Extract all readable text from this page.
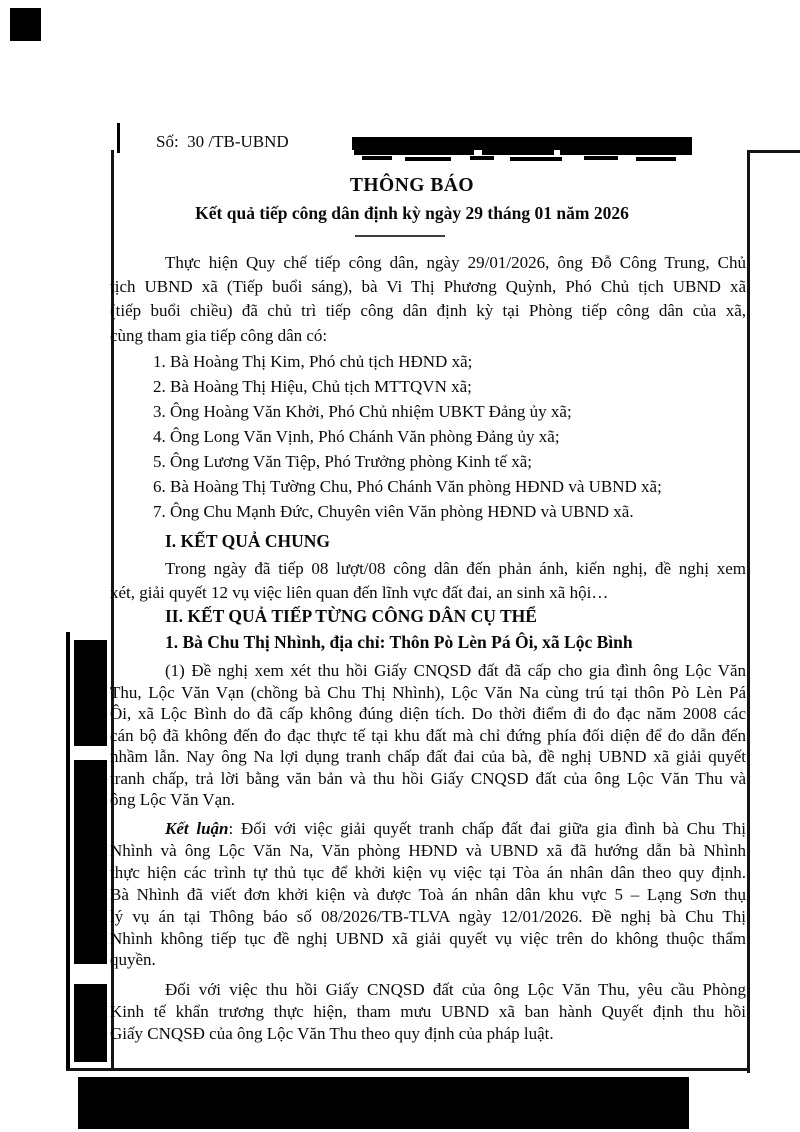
Số:  30 /TB-UBND
THÔNG BÁO
Kết quả tiếp công dân định kỳ ngày 29 tháng 01 năm 2026
Thực hiện Quy chế tiếp công dân, ngày 29/01/2026, ông Đỗ Công Trung, Chủ
tịch UBND xã (Tiếp buổi sáng), bà Vi Thị Phương Quỳnh, Phó Chủ tịch UBND xã
(tiếp buổi chiều) đã chủ trì tiếp công dân định kỳ tại Phòng tiếp công dân của xã,
cùng tham gia tiếp công dân có:
1. Bà Hoàng Thị Kim, Phó chủ tịch HĐND xã;
2. Bà Hoàng Thị Hiệu, Chủ tịch MTTQVN xã;
3. Ông Hoàng Văn Khởi, Phó Chủ nhiệm UBKT Đảng ủy xã;
4. Ông Long Văn Vịnh, Phó Chánh Văn phòng Đảng ủy xã;
5. Ông Lương Văn Tiệp, Phó Trưởng phòng Kinh tế xã;
6. Bà Hoàng Thị Tường Chu, Phó Chánh Văn phòng HĐND và UBND xã;
7. Ông Chu Mạnh Đức, Chuyên viên Văn phòng HĐND và UBND xã.
I. KẾT QUẢ CHUNG
Trong ngày đã tiếp 08 lượt/08 công dân đến phản ánh, kiến nghị, đề nghị xem
xét, giải quyết 12 vụ việc liên quan đến lĩnh vực đất đai, an sinh xã hội…
II. KẾT QUẢ TIẾP TỪNG CÔNG DÂN CỤ THỂ
1. Bà Chu Thị Nhình, địa chỉ: Thôn Pò Lèn Pá Ôi, xã Lộc Bình
(1) Đề nghị xem xét thu hồi Giấy CNQSD đất đã cấp cho gia đình ông Lộc Văn
Thu, Lộc Văn Vạn (chồng bà Chu Thị Nhình), Lộc Văn Na cùng trú tại thôn Pò Lèn Pá
Ôi, xã Lộc Bình do đã cấp không đúng diện tích. Do thời điểm đi đo đạc năm 2008 các
cán bộ đã không đến đo đạc thực tế tại khu đất mà chỉ đứng phía đối diện để đo dẫn đến
nhầm lẫn. Nay ông Na lợi dụng tranh chấp đất đai của bà, đề nghị UBND xã giải quyết
tranh chấp, trả lời bằng văn bản và thu hồi Giấy CNQSD đất của ông Lộc Văn Thu và
ông Lộc Văn Vạn.
Kết luận: Đối với việc giải quyết tranh chấp đất đai giữa gia đình bà Chu Thị
Nhình và ông Lộc Văn Na, Văn phòng HĐND và UBND xã đã hướng dẫn bà Nhình
thực hiện các trình tự thủ tục để khởi kiện vụ việc tại Tòa án nhân dân theo quy định.
Bà Nhình đã viết đơn khởi kiện và được Toà án nhân dân khu vực 5 – Lạng Sơn thụ
lý vụ án tại Thông báo số 08/2026/TB-TLVA ngày 12/01/2026. Đề nghị bà Chu Thị
Nhình không tiếp tục đề nghị UBND xã giải quyết vụ việc trên do không thuộc thẩm
quyền.
Đối với việc thu hồi Giấy CNQSD đất của ông Lộc Văn Thu, yêu cầu Phòng
Kinh tế khẩn trương thực hiện, tham mưu UBND xã ban hành Quyết định thu hồi
Giấy CNQSĐ của ông Lộc Văn Thu theo quy định của pháp luật.
